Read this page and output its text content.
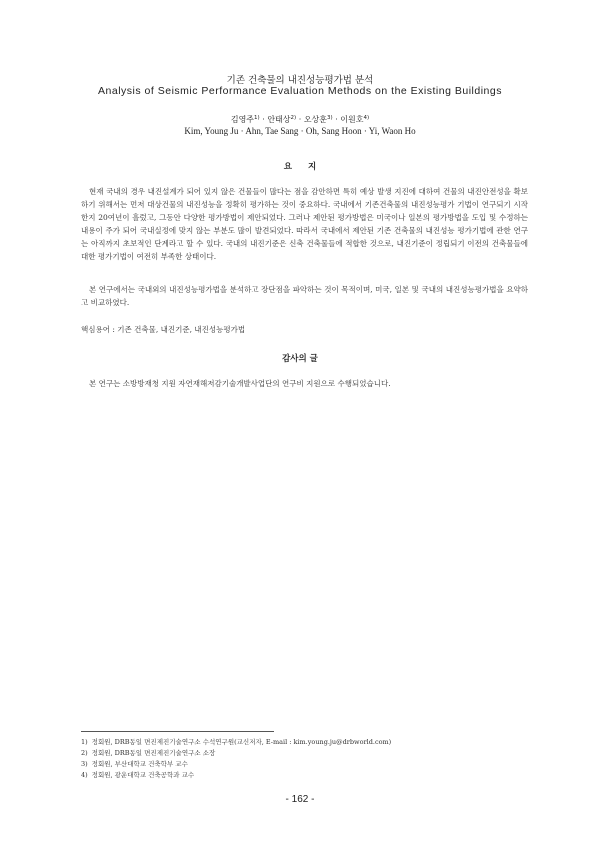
기존 건축물의 내진성능평가법 분석
Analysis of Seismic Performance Evaluation Methods on the Existing Buildings
김영주$^{1)}$ · 안태상$^{2)}$ · 오상훈$^{3)}$ · 이원호$^{4)}$
Kim, Young Ju · Ahn, Tae Sang · Oh, Sang Hoon · Yi, Waon Ho
요지

현재 국내의 경우 내진설계가 되어 있지 않은 건물들이 많다는 점을 감안하면 특히 예상 발생 지진에 대하여 건물의 내진안전성을 확보하기 위해서는 먼저 대상건물의 내진성능을 정확히 평가하는 것이 중요하다. 국내에서 기존건축물의 내진성능평가 기법이 연구되기 시작한지 20여년이 흘렀고, 그동안 다양한 평가방법이 제안되었다. 그러나 제안된 평가방법은 미국이나 일본의 평가방법을 도입 및 수정하는 내용이 주가 되어 국내실정에 맞지 않는 부분도 많이 발견되었다. 따라서 국내에서 제안된 기존 건축물의 내진성능 평가기법에 관한 연구는 아직까지 초보적인 단계라고 할 수 있다. 국내의 내진기준은 신축 건축물들에 적합한 것으로, 내진기준이 정립되기 이전의 건축물들에 대한 평가기법이 여전히 부족한 상태이다.

본 연구에서는 국내외의 내진성능평가법을 분석하고 장단점을 파악하는 것이 목적이며, 미국, 일본 및 국내의 내진성능평가법을 요약하고 비교하였다.

핵심용어 : 기존 건축물, 내진기준, 내진성능평가법

감사의 글

본 연구는 소방방재청 지원 자연재해저감기술개발사업단의 연구비 지원으로 수행되었습니다.

1) 정회원, DRB동일 면진제진기술연구소 수석연구원(교신저자, E-mail : kim.young.ju@drbworld.com)
2) 정회원, DRB동일 면진제진기술연구소 소장
3) 정회원, 부산대학교 건축학부 교수
4) 정회원, 광운대학교 건축공학과 교수
- 162 -
